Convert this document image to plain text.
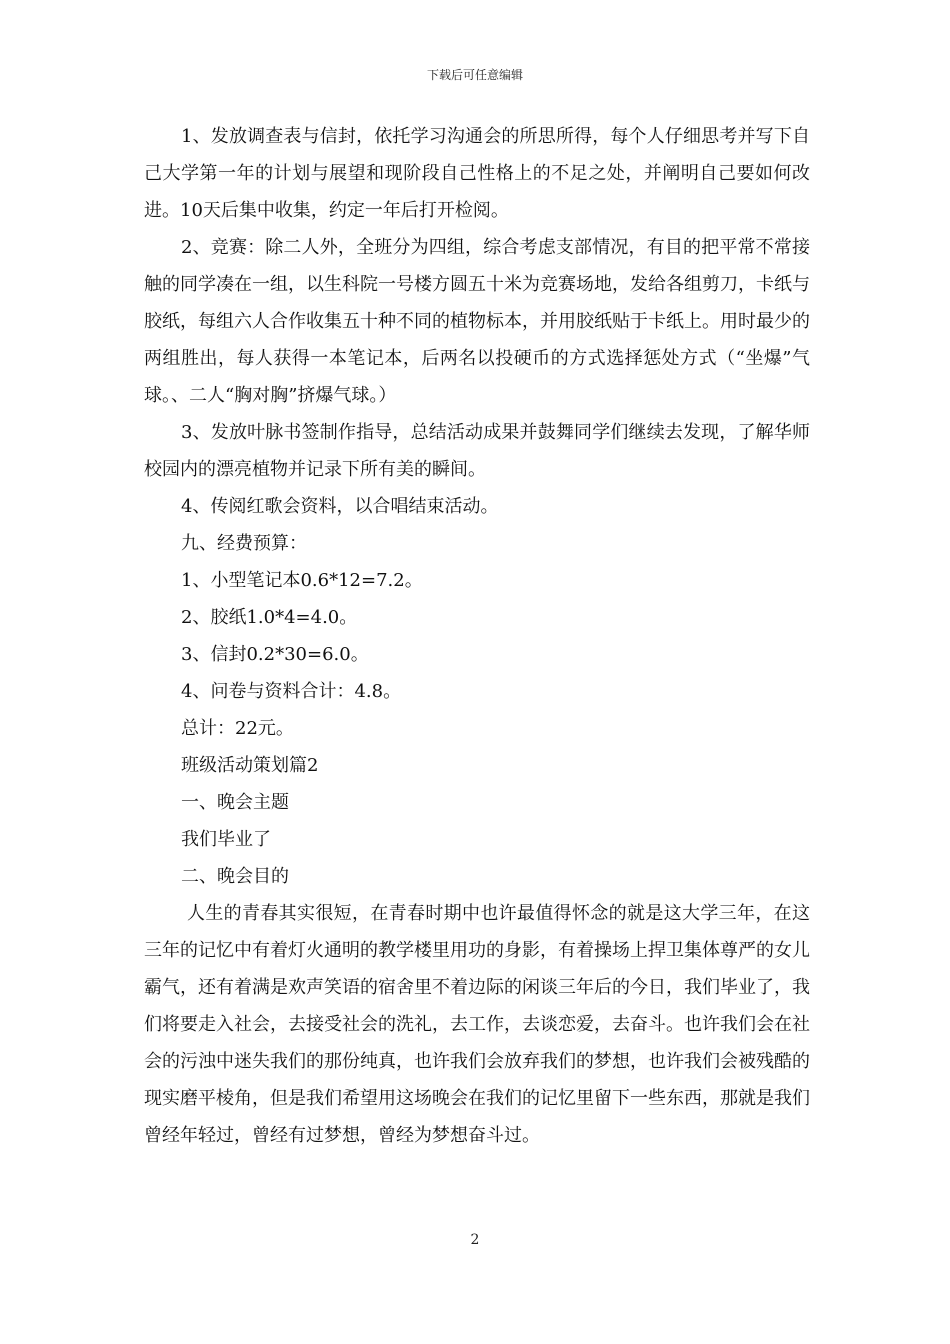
下载后可任意编辑

1、发放调查表与信封，依托学习沟通会的所思所得，每个人仔细思考并写下自己大学第一年的计划与展望和现阶段自己性格上的不足之处，并阐明自己要如何改进。10天后集中收集，约定一年后打开检阅。

2、竞赛：除二人外，全班分为四组，综合考虑支部情况，有目的把平常不常接触的同学凑在一组，以生科院一号楼方圆五十米为竞赛场地，发给各组剪刀，卡纸与胶纸，每组六人合作收集五十种不同的植物标本，并用胶纸贴于卡纸上。用时最少的两组胜出，每人获得一本笔记本，后两名以投硬币的方式选择惩处方式（“坐爆”气球。、二人“胸对胸”挤爆气球。）

3、发放叶脉书签制作指导，总结活动成果并鼓舞同学们继续去发现，了解华师校园内的漂亮植物并记录下所有美的瞬间。

4、传阅红歌会资料，以合唱结束活动。

九、经费预算：

1、小型笔记本0.6*12=7.2。

2、胶纸1.0*4=4.0。

3、信封0.2*30=6.0。

4、问卷与资料合计：4.8。

总计：22元。

班级活动策划篇2

一、晚会主题

我们毕业了

二、晚会目的

人生的青春其实很短，在青春时期中也许最值得怀念的就是这大学三年，在这三年的记忆中有着灯火通明的教学楼里用功的身影，有着操场上捍卫集体尊严的女儿霸气，还有着满是欢声笑语的宿舍里不着边际的闲谈三年后的今日，我们毕业了，我们将要走入社会，去接受社会的洗礼，去工作，去谈恋爱，去奋斗。也许我们会在社会的污浊中迷失我们的那份纯真，也许我们会放弃我们的梦想，也许我们会被残酷的现实磨平棱角，但是我们希望用这场晚会在我们的记忆里留下一些东西，那就是我们曾经年轻过，曾经有过梦想，曾经为梦想奋斗过。

2
